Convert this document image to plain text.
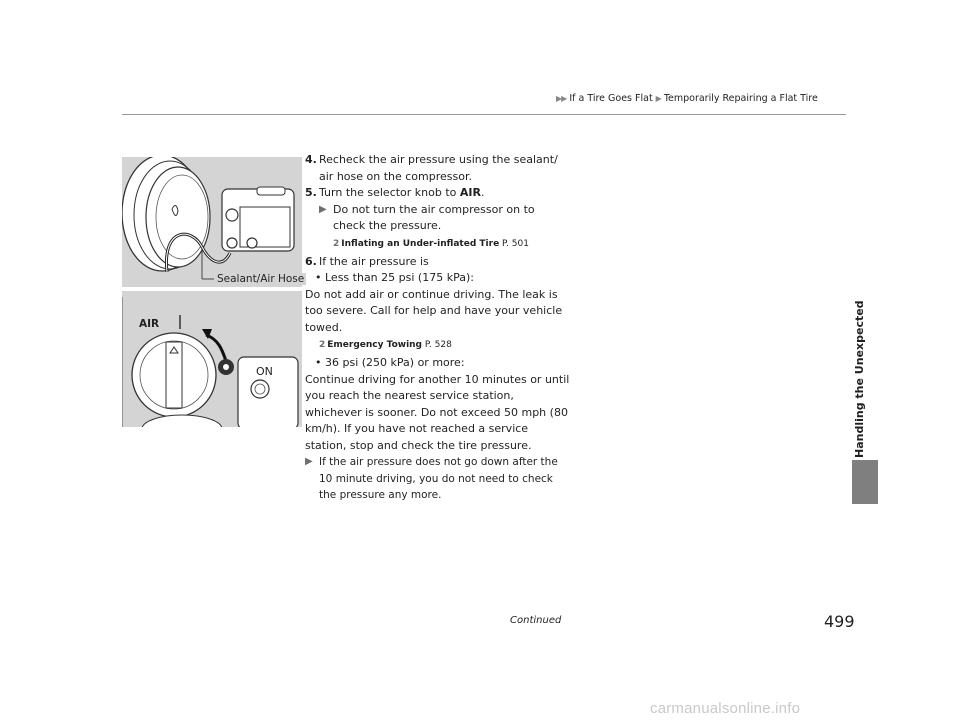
▶▶ If a Tire Goes Flat ▶ Temporarily Repairing a Flat Tire
Handling the Unexpected
Sealant/Air Hose
AIR
ON
4. Recheck the air pressure using the sealant/ air hose on the compressor.
5. Turn the selector knob to AIR.
▶ Do not turn the air compressor on to check the pressure.
2 Inflating an Under-inflated Tire P. 501
6. If the air pressure is
• Less than 25 psi (175 kPa):
Do not add air or continue driving. The leak is too severe. Call for help and have your vehicle towed.
2 Emergency Towing P. 528
• 36 psi (250 kPa) or more:
Continue driving for another 10 minutes or until you reach the nearest service station, whichever is sooner. Do not exceed 50 mph (80 km/h). If you have not reached a service station, stop and check the tire pressure.
▶ If the air pressure does not go down after the 10 minute driving, you do not need to check the pressure any more.
Continued	499
carmanualsonline.info
